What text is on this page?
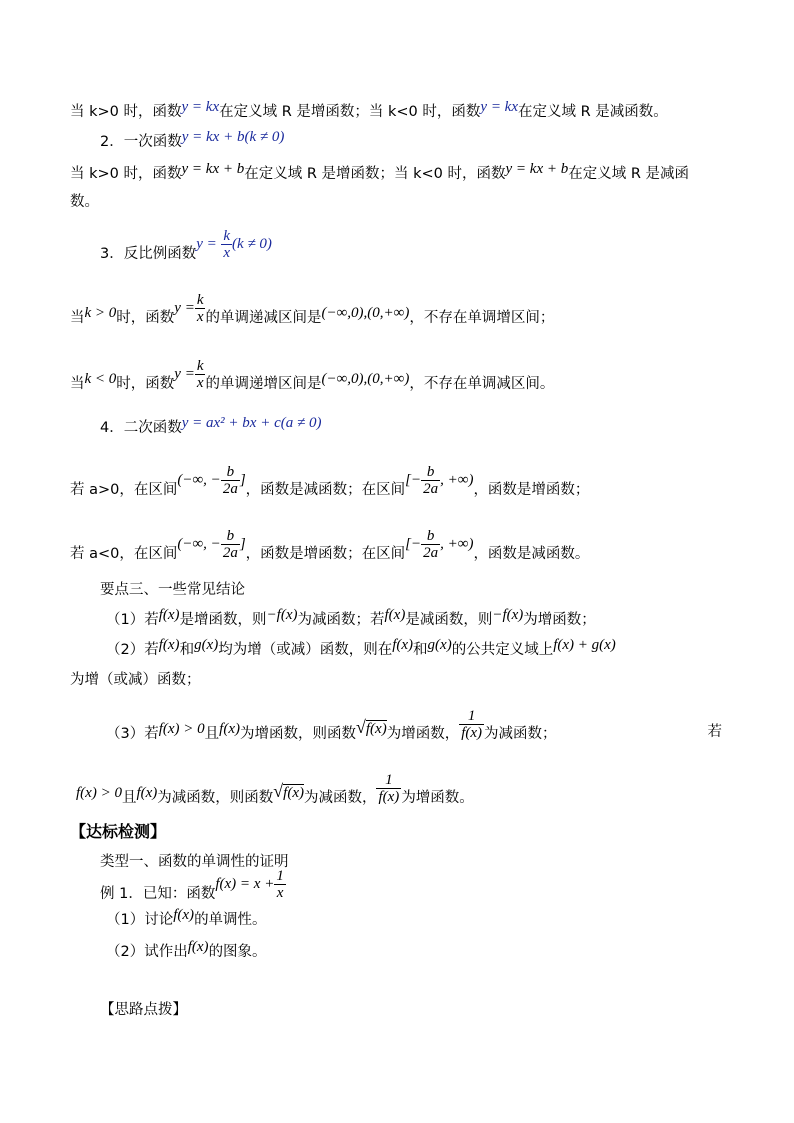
当 k>0 时，函数y = kx在定义域 R 是增函数；当 k<0 时，函数y = kx在定义域 R 是减函数。
2．一次函数y = kx + b(k ≠ 0)
当 k>0 时，函数y = kx + b在定义域 R 是增函数；当 k<0 时，函数y = kx + b在定义域 R 是减函
数。
3．反比例函数$y = \frac{k}{x} (k \ne 0)$
当k > 0时，函数$y = \frac{k}{x}$ 的单调递减区间是(−∞,0),(0,+∞)，不存在单调增区间；
当k < 0时，函数$y = \frac{k}{x}$ 的单调递增区间是(−∞,0),(0,+∞)，不存在单调减区间。
4．二次函数y = ax² + bx + c(a ≠ 0)
若 a>0，在区间(−∞, − $\frac{b}{2a}$ ]，函数是减函数；在区间[− $\frac{b}{2a}$ , +∞)，函数是增函数；
若 a<0，在区间(−∞, − $\frac{b}{2a}$ ]，函数是增函数；在区间[− $\frac{b}{2a}$ , +∞)，函数是减函数。
要点三、一些常见结论
（1）若f(x)是增函数，则−f(x)为减函数；若f(x)是减函数，则−f(x)为增函数；
（2）若f(x)和g(x)均为增（或减）函数，则在f(x)和g(x)的公共定义域上f(x) + g(x)
为增（或减）函数；
（3）若f(x) > 0且f(x)为增函数，则函数√f(x)为增函数， $\frac{1}{f(x)}$ 为减函数；	若
f(x) > 0且f(x)为减函数，则函数√f(x)为减函数， $\frac{1}{f(x)}$ 为增函数。
【达标检测】
类型一、函数的单调性的证明
例 1．已知：函数$f(x) = x + \frac{1}{x}$
（1）讨论f(x)的单调性。
（2）试作出f(x)的图象。
【思路点拨】
